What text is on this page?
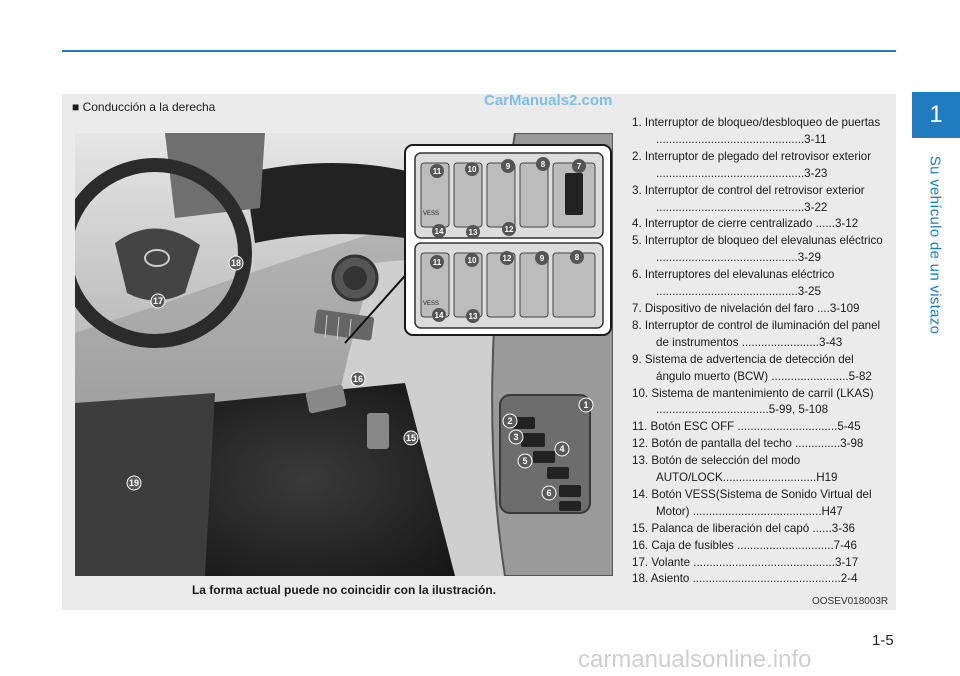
1
Su vehículo de un vistazo
■ Conducción a la derecha	CarManuals2.com
VESS
VESS
1
2
3
4
5
6
15
16
17
18
19
7
8
9
10
11
12
13
14
8
9
10
11	12
13
14
1. Interruptor de bloqueo/desbloqueo de puertas ..............................................3-11
2. Interruptor de plegado del retrovisor exterior ..............................................3-23
3. Interruptor de control del retrovisor exterior ..............................................3-22
4. Interruptor de cierre centralizado ......3-12
5. Interruptor de bloqueo del elevalunas eléctrico ............................................3-29
6. Interruptores del elevalunas eléctrico ............................................3-25
7. Dispositivo de nivelación del faro ....3-109
8. Interruptor de control de iluminación del panel de instrumentos ........................3-43
9. Sistema de advertencia de detección del ángulo muerto (BCW) ........................5-82
10. Sistema de mantenimiento de carril (LKAS) ...................................5-99, 5-108
11. Botón ESC OFF ...............................5-45
12. Botón de pantalla del techo ..............3-98
13. Botón de selección del modo AUTO/LOCK.............................H19
14. Botón VESS(Sistema de Sonido Virtual del Motor) ........................................H47
15. Palanca de liberación del capó ......3-36
16. Caja de fusibles ..............................7-46
17. Volante ............................................3-17
18. Asiento ..............................................2-4
La forma actual puede no coincidir con la ilustración.
OOSEV018003R
1-5
carmanualsonline.info
